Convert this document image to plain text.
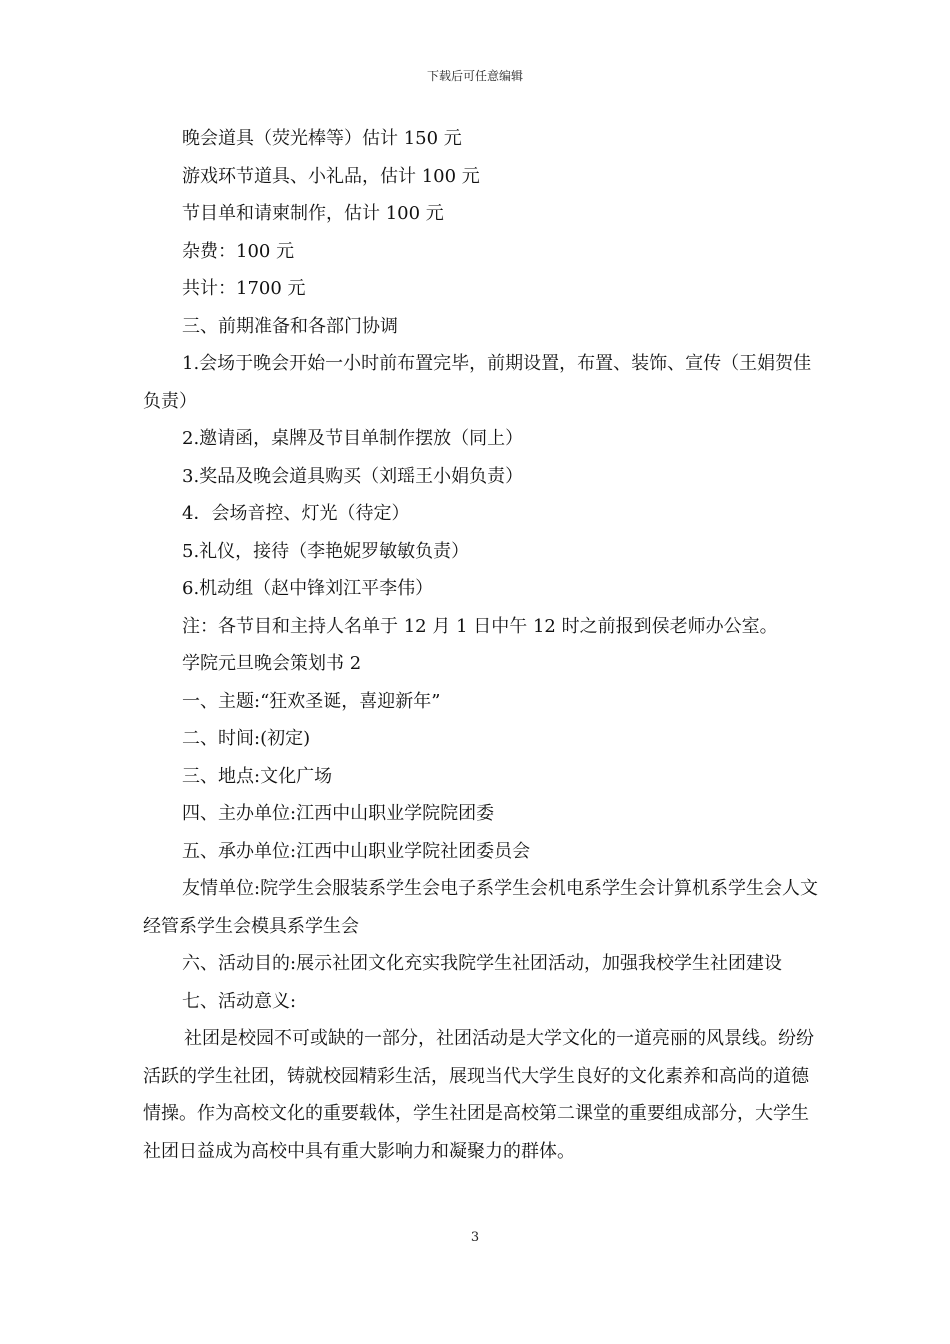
下载后可任意编辑

晚会道具（荧光棒等）估计 150 元

游戏环节道具、小礼品，估计 100 元

节目单和请柬制作，估计 100 元

杂费：100 元

共计：1700 元

三、前期准备和各部门协调

1.会场于晚会开始一小时前布置完毕，前期设置，布置、装饰、宣传（王娟贺佳负责）

2.邀请函，桌牌及节目单制作摆放（同上）

3.奖品及晚会道具购买（刘瑶王小娟负责）

4．会场音控、灯光（待定）

5.礼仪，接待（李艳妮罗敏敏负责）

6.机动组（赵中锋刘江平李伟）

注：各节目和主持人名单于 12 月 1 日中午 12 时之前报到侯老师办公室。

学院元旦晚会策划书 2

一、主题:“狂欢圣诞，喜迎新年”

二、时间:(初定)

三、地点:文化广场

四、主办单位:江西中山职业学院院团委

五、承办单位:江西中山职业学院社团委员会

友情单位:院学生会服装系学生会电子系学生会机电系学生会计算机系学生会人文经管系学生会模具系学生会

六、活动目的:展示社团文化充实我院学生社团活动，加强我校学生社团建设

七、活动意义:

社团是校园不可或缺的一部分，社团活动是大学文化的一道亮丽的风景线。纷纷活跃的学生社团，铸就校园精彩生活，展现当代大学生良好的文化素养和高尚的道德情操。作为高校文化的重要载体，学生社团是高校第二课堂的重要组成部分，大学生社团日益成为高校中具有重大影响力和凝聚力的群体。

3
